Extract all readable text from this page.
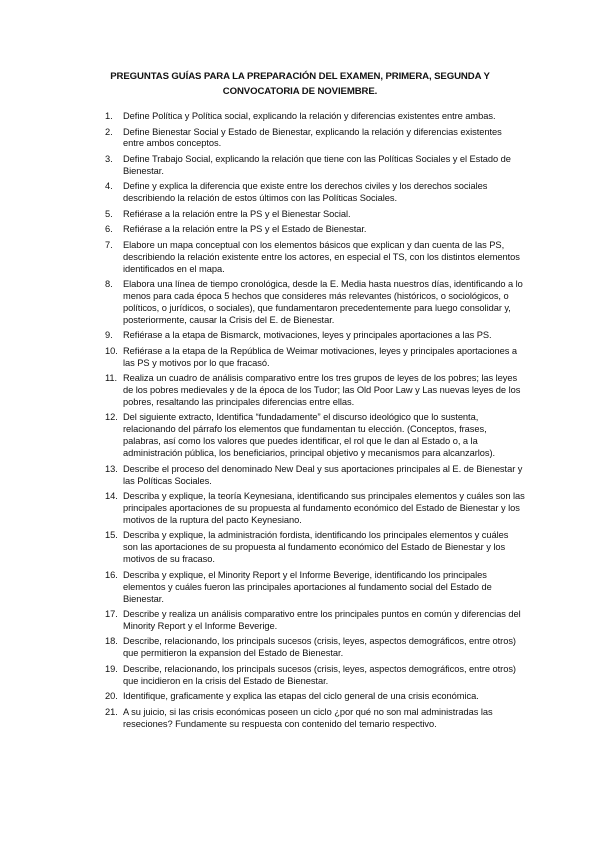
PREGUNTAS GUÍAS PARA LA PREPARACIÓN DEL EXAMEN, PRIMERA, SEGUNDA Y
CONVOCATORIA DE NOVIEMBRE.
1.	Define Política y Política social, explicando la relación y diferencias existentes entre ambas.
2.	Define Bienestar Social y Estado de Bienestar, explicando la relación y diferencias existentes entre ambos conceptos.
3.	Define Trabajo Social, explicando la relación que tiene con las Políticas Sociales y el Estado de Bienestar.
4.	Define y explica la diferencia que existe entre los derechos civiles y los derechos sociales describiendo la relación de estos últimos con las Políticas Sociales.
5.	Refiérase a la relación entre la PS y el Bienestar Social.
6.	Refiérase a la relación entre la PS y el Estado de Bienestar.
7.	Elabore un mapa conceptual con los elementos básicos que explican y dan cuenta de las PS, describiendo la relación existente entre los actores, en especial el TS, con los distintos elementos identificados en el mapa.
8.	Elabora una línea de tiempo cronológica, desde la E. Media hasta nuestros días, identificando a lo menos para cada época 5 hechos que consideres más relevantes (históricos, o sociológicos, o políticos, o jurídicos, o sociales), que fundamentaron precedentemente para luego consolidar y, posteriormente, causar la Crisis del E. de Bienestar.
9.	Refiérase a la etapa de Bismarck, motivaciones, leyes y principales aportaciones a las PS.
10. Refiérase a la etapa de la República de Weimar motivaciones, leyes y principales aportaciones a las PS y motivos por lo que fracasó.
11. Realiza un cuadro de análisis comparativo entre los tres grupos de leyes de los pobres; las leyes de los pobres medievales y de la época de los Tudor; las Old Poor Law y Las nuevas leyes de los pobres, resaltando las principales diferencias entre ellas.
12. Del siguiente extracto, Identifica “fundadamente” el discurso ideológico que lo sustenta, relacionando del párrafo los elementos que fundamentan tu elección. (Conceptos, frases, palabras, así como los valores que puedes identificar, el rol que le dan al Estado o, a la administración pública, los beneficiarios, principal objetivo y mecanismos para alcanzarlos).
13. Describe el proceso del denominado New Deal y sus aportaciones principales al E. de Bienestar y las Políticas Sociales.
14. Describa y explique, la teoría Keynesiana, identificando sus principales elementos y cuáles son las principales aportaciones de su propuesta al fundamento económico del Estado de Bienestar y los motivos de la ruptura del pacto Keynesiano.
15. Describa y explique, la administración fordista, identificando los principales elementos y cuáles son las aportaciones de su propuesta al fundamento económico del Estado de Bienestar y los motivos de su fracaso.
16. Describa y explique, el Minority Report y el Informe Beverige, identificando los principales elementos y cuáles fueron las principales aportaciones al fundamento social del Estado de Bienestar.
17. Describe y realiza un análisis comparativo entre los principales puntos en común y diferencias del Minority Report y el Informe Beverige.
18. Describe, relacionando, los principals sucesos (crisis, leyes, aspectos demográficos, entre otros) que permitieron la expansion del Estado de Bienestar.
19. Describe, relacionando, los principals sucesos (crisis, leyes, aspectos demográficos, entre otros) que incidieron en la crisis del Estado de Bienestar.
20. Identifique, graficamente y explica las etapas del ciclo general de una crisis económica.
21. A su juicio, si las crisis económicas poseen un ciclo ¿por qué no son mal administradas las reseciones? Fundamente su respuesta con contenido del temario respectivo.
